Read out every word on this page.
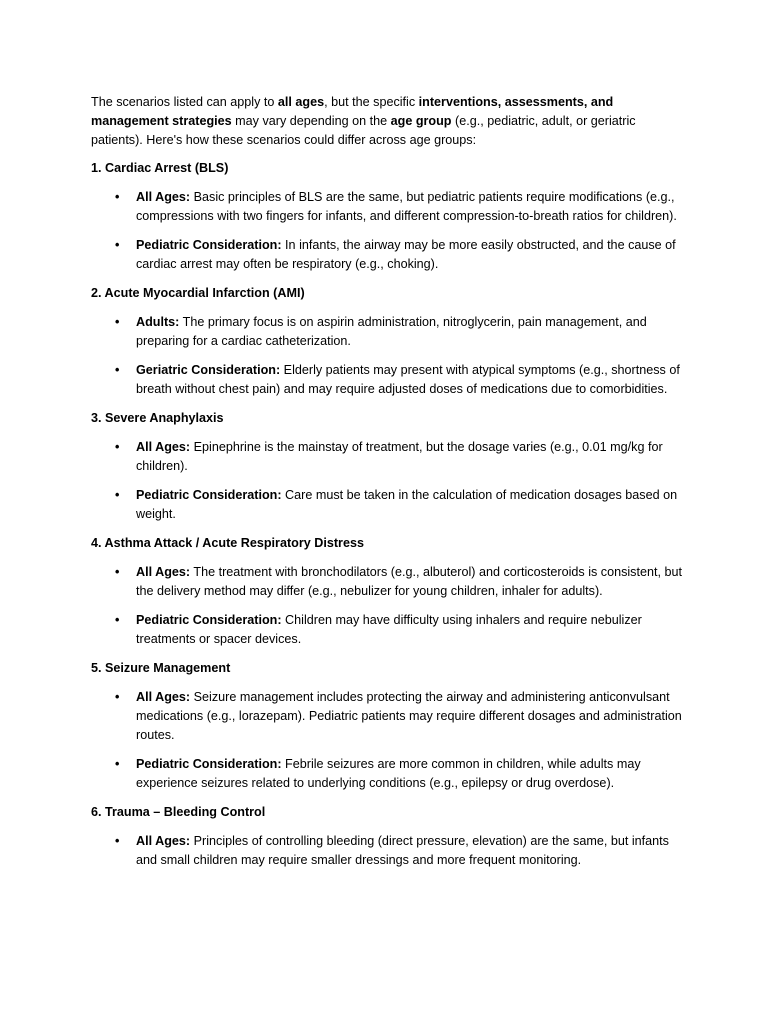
The scenarios listed can apply to all ages, but the specific interventions, assessments, and management strategies may vary depending on the age group (e.g., pediatric, adult, or geriatric patients). Here's how these scenarios could differ across age groups:

1. Cardiac Arrest (BLS)

• All Ages: Basic principles of BLS are the same, but pediatric patients require modifications (e.g., compressions with two fingers for infants, and different compression-to-breath ratios for children).
• Pediatric Consideration: In infants, the airway may be more easily obstructed, and the cause of cardiac arrest may often be respiratory (e.g., choking).

2. Acute Myocardial Infarction (AMI)

• Adults: The primary focus is on aspirin administration, nitroglycerin, pain management, and preparing for a cardiac catheterization.
• Geriatric Consideration: Elderly patients may present with atypical symptoms (e.g., shortness of breath without chest pain) and may require adjusted doses of medications due to comorbidities.

3. Severe Anaphylaxis

• All Ages: Epinephrine is the mainstay of treatment, but the dosage varies (e.g., 0.01 mg/kg for children).
• Pediatric Consideration: Care must be taken in the calculation of medication dosages based on weight.

4. Asthma Attack / Acute Respiratory Distress

• All Ages: The treatment with bronchodilators (e.g., albuterol) and corticosteroids is consistent, but the delivery method may differ (e.g., nebulizer for young children, inhaler for adults).
• Pediatric Consideration: Children may have difficulty using inhalers and require nebulizer treatments or spacer devices.

5. Seizure Management

• All Ages: Seizure management includes protecting the airway and administering anticonvulsant medications (e.g., lorazepam). Pediatric patients may require different dosages and administration routes.
• Pediatric Consideration: Febrile seizures are more common in children, while adults may experience seizures related to underlying conditions (e.g., epilepsy or drug overdose).

6. Trauma – Bleeding Control

• All Ages: Principles of controlling bleeding (direct pressure, elevation) are the same, but infants and small children may require smaller dressings and more frequent monitoring.
